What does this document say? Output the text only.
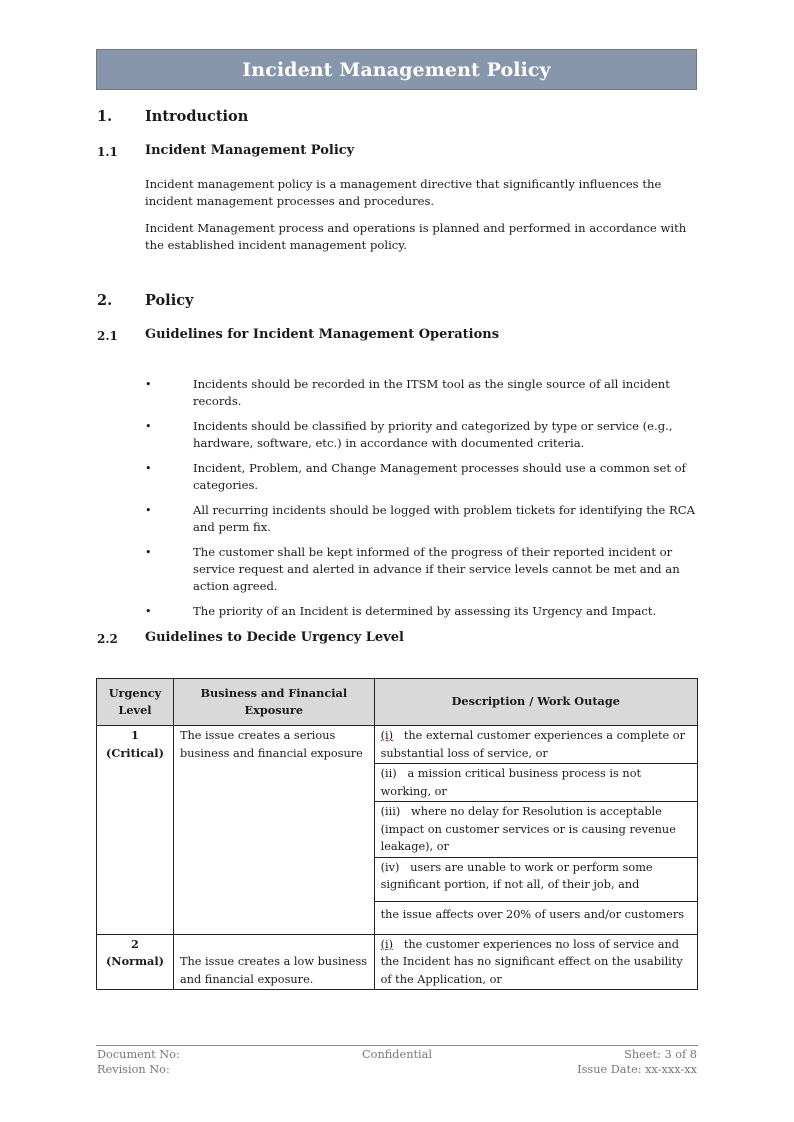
Incident Management Policy
1. Introduction
1.1 Incident Management Policy
Incident management policy is a management directive that significantly influences the incident management processes and procedures.
Incident Management process and operations is planned and performed in accordance with the established incident management policy.
2. Policy
2.1 Guidelines for Incident Management Operations
•	Incidents should be recorded in the ITSM tool as the single source of all incident records.
•	Incidents should be classified by priority and categorized by type or service (e.g., hardware, software, etc.) in accordance with documented criteria.
•	Incident, Problem, and Change Management processes should use a common set of categories.
•	All recurring incidents should be logged with problem tickets for identifying the RCA and perm fix.
•	The customer shall be kept informed of the progress of their reported incident or service request and alerted in advance if their service levels cannot be met and an action agreed.
•	The priority of an Incident is determined by assessing its Urgency and Impact.
2.2 Guidelines to Decide Urgency Level
Urgency Level	Business and Financial Exposure	Description / Work Outage

1
(Critical)	The issue creates a serious business and financial exposure	(i) the external customer experiences a complete or substantial loss of service, or
		(ii) a mission critical business process is not working, or
		(iii) where no delay for Resolution is acceptable (impact on customer services or is causing revenue leakage), or
		(iv) users are unable to work or perform some significant portion, if not all, of their job, and
		the issue affects over 20% of users and/or customers

2
(Normal)	The issue creates a low business and financial exposure.	(i) the customer experiences no loss of service and the Incident has no significant effect on the usability of the Application, or
Document No:
Revision No:
Confidential	Sheet: 3 of 8
Issue Date: xx-xxx-xx
